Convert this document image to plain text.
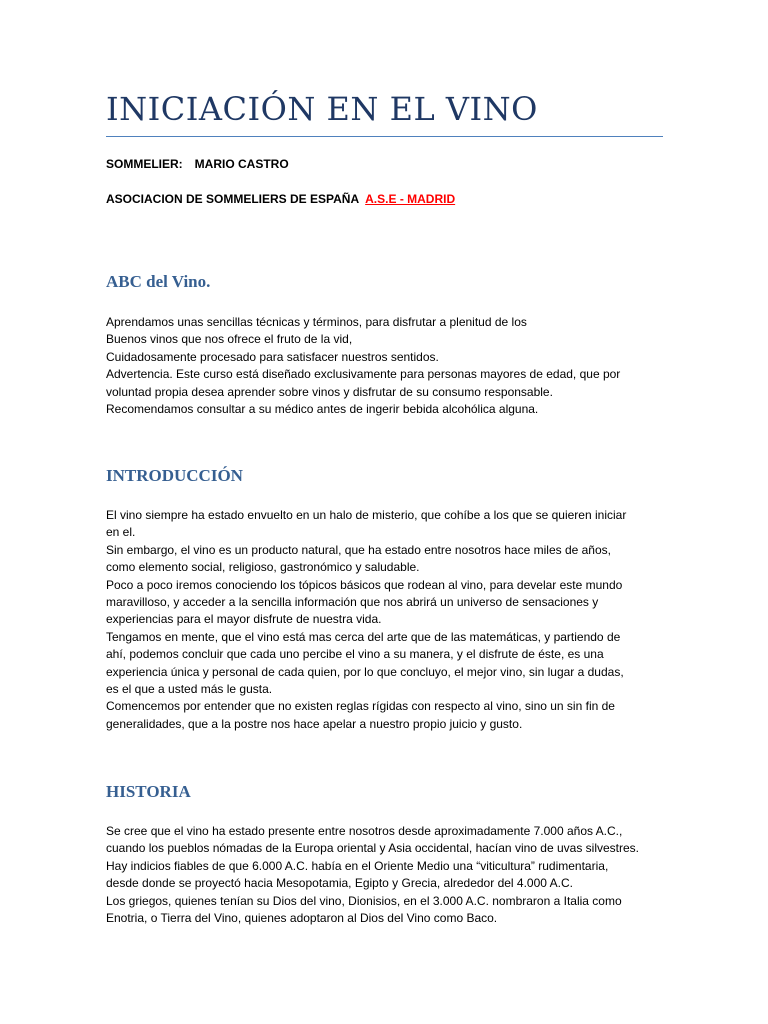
INICIACIÓN EN EL VINO
SOMMELIER: MARIO CASTRO
ASOCIACION DE SOMMELIERS DE ESPAÑA A.S.E - MADRID
ABC del Vino.

Aprendamos unas sencillas técnicas y términos, para disfrutar a plenitud de los

Buenos vinos que nos ofrece el fruto de la vid,

Cuidadosamente procesado para satisfacer nuestros sentidos.

Advertencia. Este curso está diseñado exclusivamente para personas mayores de edad, que por

voluntad propia desea aprender sobre vinos y disfrutar de su consumo responsable.

Recomendamos consultar a su médico antes de ingerir bebida alcohólica alguna.

INTRODUCCIÓN

El vino siempre ha estado envuelto en un halo de misterio, que cohíbe a los que se quieren iniciar

en el.

Sin embargo, el vino es un producto natural, que ha estado entre nosotros hace miles de años,

como elemento social, religioso, gastronómico y saludable.

Poco a poco iremos conociendo los tópicos básicos que rodean al vino, para develar este mundo

maravilloso, y acceder a la sencilla información que nos abrirá un universo de sensaciones y

experiencias para el mayor disfrute de nuestra vida.

Tengamos en mente, que el vino está mas cerca del arte que de las matemáticas, y partiendo de

ahí, podemos concluir que cada uno percibe el vino a su manera, y el disfrute de éste, es una

experiencia única y personal de cada quien, por lo que concluyo, el mejor vino, sin lugar a dudas,

es el que a usted más le gusta.

Comencemos por entender que no existen reglas rígidas con respecto al vino, sino un sin fin de

generalidades, que a la postre nos hace apelar a nuestro propio juicio y gusto.

HISTORIA

Se cree que el vino ha estado presente entre nosotros desde aproximadamente 7.000 años A.C.,

cuando los pueblos nómadas de la Europa oriental y Asia occidental, hacían vino de uvas silvestres.

Hay indicios fiables de que 6.000 A.C. había en el Oriente Medio una “viticultura” rudimentaria,

desde donde se proyectó hacia Mesopotamia, Egipto y Grecia, alrededor del 4.000 A.C.

Los griegos, quienes tenían su Dios del vino, Dionisios, en el 3.000 A.C. nombraron a Italia como

Enotria, o Tierra del Vino, quienes adoptaron al Dios del Vino como Baco.
